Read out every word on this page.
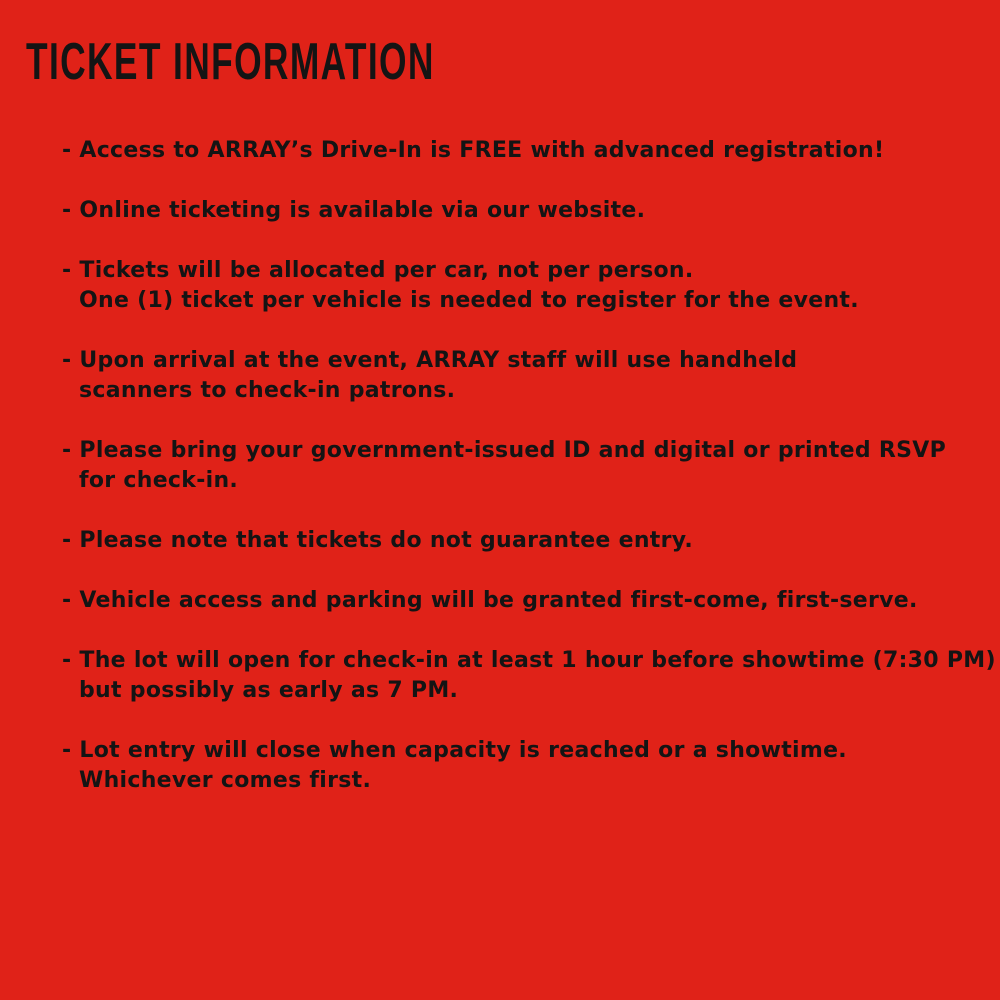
TICKET INFORMATION
- Access to ARRAY’s Drive-In is FREE with advanced registration!
- Online ticketing is available via our website.
- Tickets will be allocated per car, not per person.
One (1) ticket per vehicle is needed to register for the event.
- Upon arrival at the event, ARRAY staff will use handheld
scanners to check-in patrons.
- Please bring your government-issued ID and digital or printed RSVP
for check-in.
- Please note that tickets do not guarantee entry.
- Vehicle access and parking will be granted first-come, first-serve.
- The lot will open for check-in at least 1 hour before showtime (7:30 PM)
but possibly as early as 7 PM.
- Lot entry will close when capacity is reached or a showtime.
Whichever comes first.
